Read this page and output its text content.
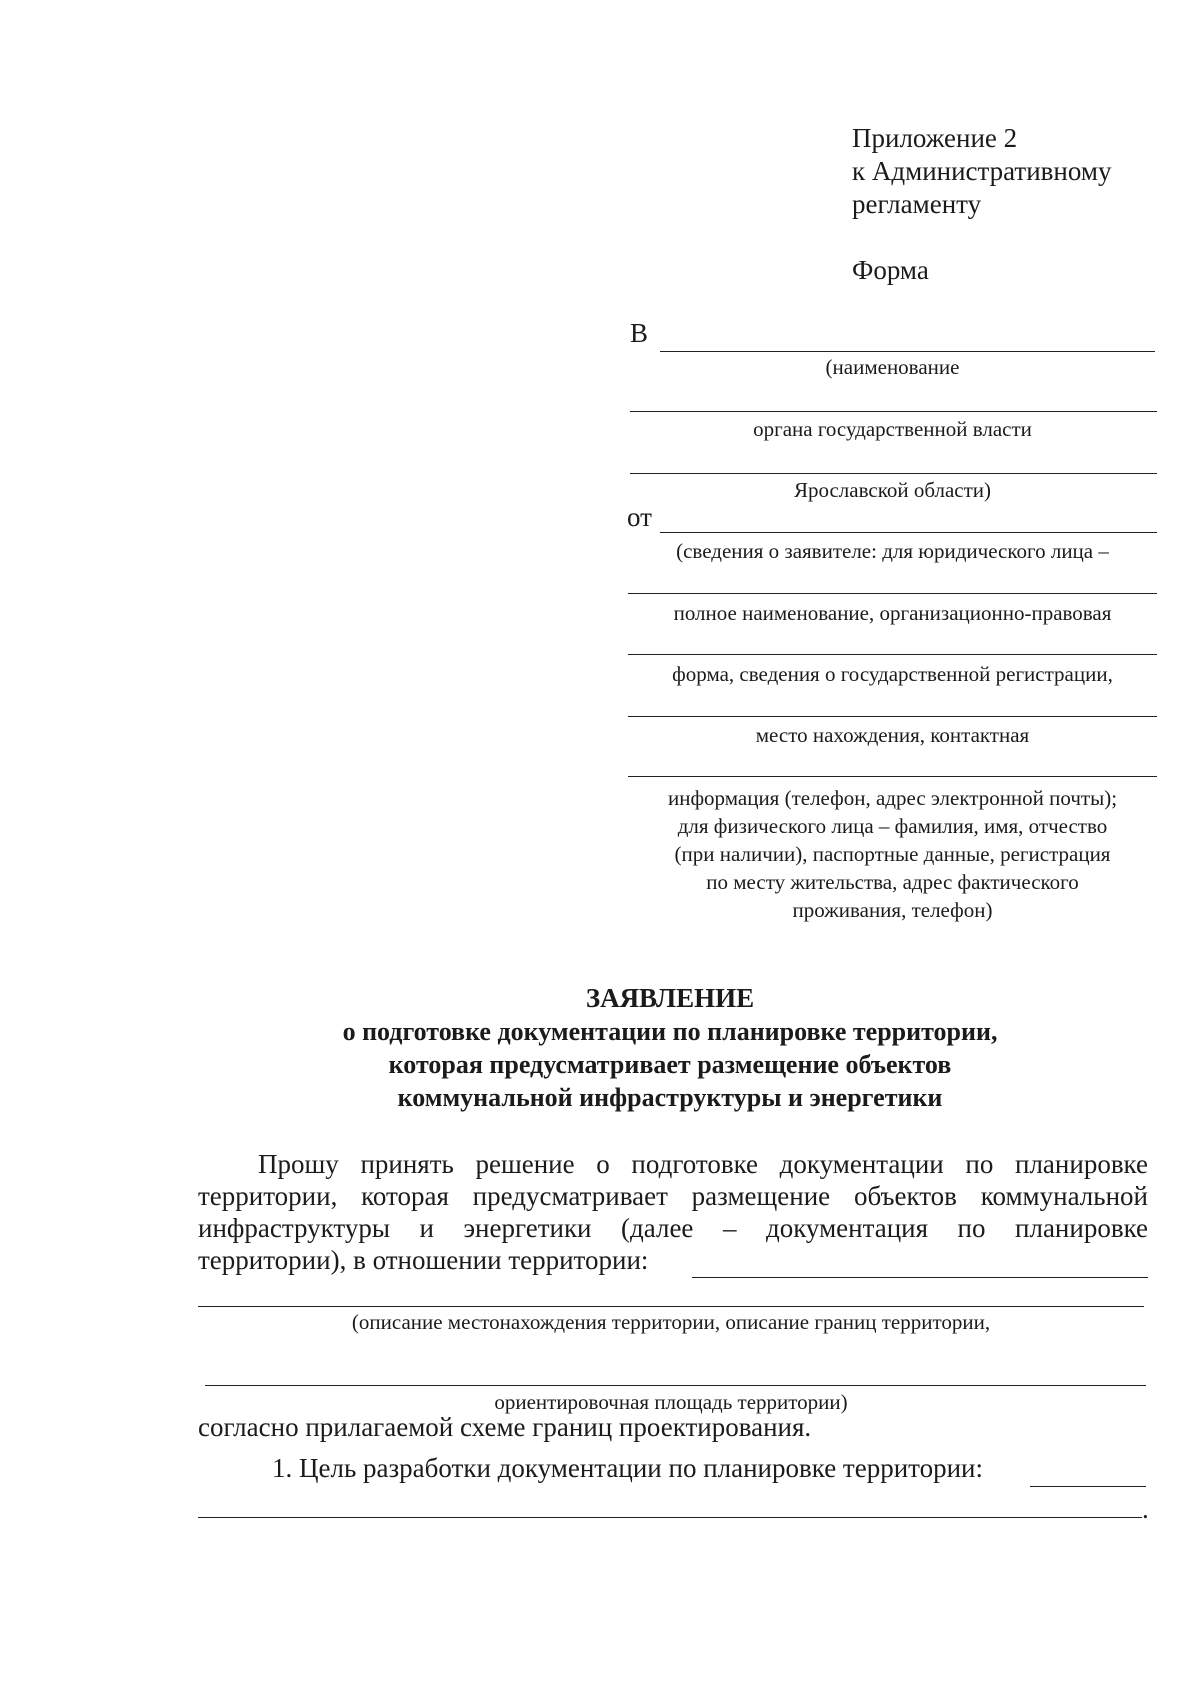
Приложение 2
к Административному
регламенту
Форма
В
(наименование
органа государственной власти
Ярославской области)
от
(сведения о заявителе: для юридического лица –
полное наименование, организационно-правовая
форма, сведения о государственной регистрации,
место нахождения, контактная
информация (телефон, адрес электронной почты);
для физического лица – фамилия, имя, отчество
(при наличии), паспортные данные, регистрация
по месту жительства, адрес фактического
проживания, телефон)
ЗАЯВЛЕНИЕ
о подготовке документации по планировке территории,
которая предусматривает размещение объектов
коммунальной инфраструктуры и энергетики
Прошу принять решение о подготовке документации по планировке
территории, которая предусматривает размещение объектов коммунальной
инфраструктуры и энергетики (далее – документация по планировке
территории), в отношении территории:
(описание местонахождения территории, описание границ территории,
ориентировочная площадь территории)
согласно прилагаемой схеме границ проектирования.
1. Цель разработки документации по планировке территории:
.
